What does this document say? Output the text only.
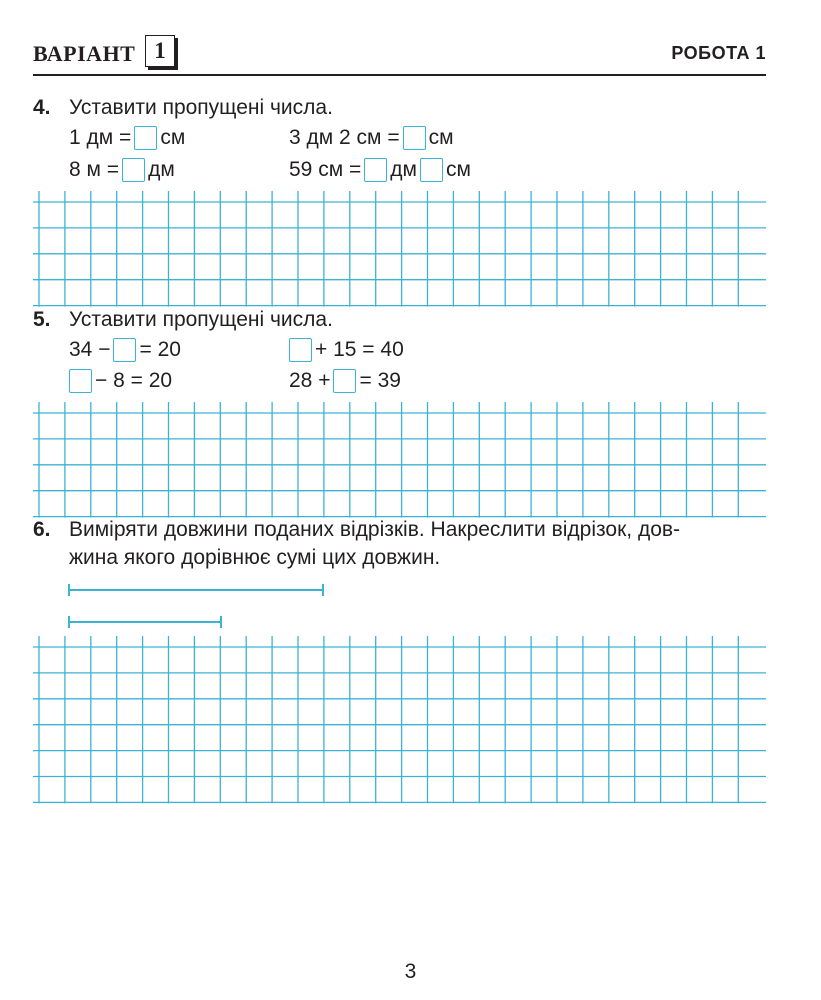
ВАРІАНТ 1	РОБОТА 1
4. Уставити пропущені числа.
1 дм = см	3 дм 2 см = см
8 м = дм	59 см = дм см
5. Уставити пропущені числа.
34 − = 20	+ 15 = 40
− 8 = 20	28 + = 39
6. Виміряти довжини поданих відрізків. Накреслити відрізок, дов-
жина якого дорівнює сумі цих довжин.
3
